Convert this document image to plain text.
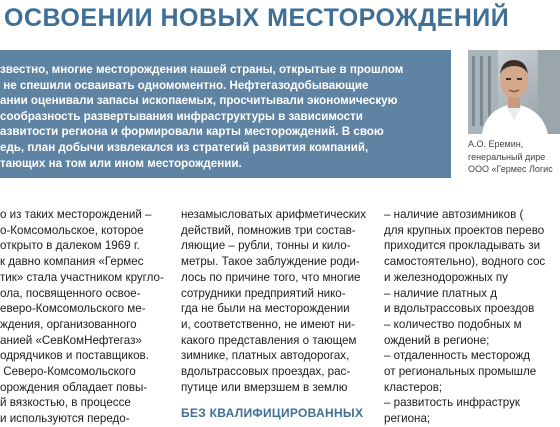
ОСВОЕНИИ НОВЫХ МЕСТОРОЖДЕНИЙ
звестно, многие месторождения нашей страны, открытые в прошлом
не спешили осваивать одномоментно. Нефтегазодобывающие
ании оценивали запасы ископаемых, просчитывали экономическую
сообразность развертывания инфраструктуры в зависимости
азвитости региона и формировали карты месторождений. В свою
едь, план добычи извлекался из стратегий развития компаний,
тающих на том или ином месторождении.
А.О. Еремин,
генеральный дире
ООО «Гермес Логис
о из таких месторождений –
о-Комсомольское, которое
открыто в далеком 1969 г.
к давно компания «Гермес
тик» стала участником кругло-
ола, посвященного освое-
еверо-Комсомольского ме-
ждения, организованного
анией «СевКомНефтегаз»
одрядчиков и поставщиков.
Северо-Комсомольского
орождения обладает повы-
й вязкостью, в процессе
и используются передо-
незамысловатых арифметических
действий, помножив три состав-
ляющие – рубли, тонны и кило-
метры. Такое заблуждение роди-
лось по причине того, что многие
сотрудники предприятий нико-
гда не были на месторождении
и, соответственно, не имеют ни-
какого представления о тающем
зимнике, платных автодорогах,
вдольтрассовых проездах, рас-
путице или вмерзшем в землю
БЕЗ КВАЛИФИЦИРОВАННЫХ
– наличие автозимников (
для крупных проектов перево
приходится прокладывать зи
самостоятельно), водного сос
и железнодорожных пу
– наличие платных д
и вдольтрассовых проездов
– количество подобных м
ождений в регионе;
– отдаленность месторожд
от региональных промышле
кластеров;
– развитость инфраструк
региона;
